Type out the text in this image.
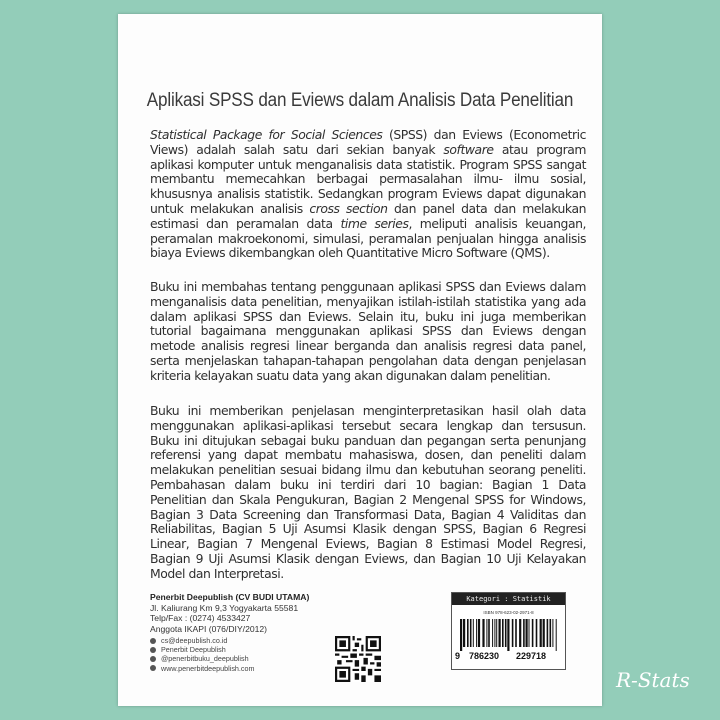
Aplikasi SPSS dan Eviews dalam Analisis Data Penelitian
Statistical Package for Social Sciences (SPSS) dan Eviews (Econometric Views) adalah salah satu dari sekian banyak software atau program aplikasi komputer untuk menganalisis data statistik. Program SPSS sangat membantu memecahkan berbagai permasalahan ilmu- ilmu sosial, khususnya analisis statistik. Sedangkan program Eviews dapat digunakan untuk melakukan analisis cross section dan panel data dan melakukan estimasi dan peramalan data time series, meliputi analisis keuangan, peramalan makroekonomi, simulasi, peramalan penjualan hingga analisis biaya Eviews dikembangkan oleh Quantitative Micro Software (QMS).
Buku ini membahas tentang penggunaan aplikasi SPSS dan Eviews dalam menganalisis data penelitian, menyajikan istilah-istilah statistika yang ada dalam aplikasi SPSS dan Eviews. Selain itu, buku ini juga memberikan tutorial bagaimana menggunakan aplikasi SPSS dan Eviews dengan metode analisis regresi linear berganda dan analisis regresi data panel, serta menjelaskan tahapan-tahapan pengolahan data dengan penjelasan kriteria kelayakan suatu data yang akan digunakan dalam penelitian.
Buku ini memberikan penjelasan menginterpretasikan hasil olah data menggunakan aplikasi-aplikasi tersebut secara lengkap dan tersusun. Buku ini ditujukan sebagai buku panduan dan pegangan serta penunjang referensi yang dapat membatu mahasiswa, dosen, dan peneliti dalam melakukan penelitian sesuai bidang ilmu dan kebutuhan seorang peneliti. Pembahasan dalam buku ini terdiri dari 10 bagian: Bagian 1 Data Penelitian dan Skala Pengukuran, Bagian 2 Mengenal SPSS for Windows, Bagian 3 Data Screening dan Transformasi Data, Bagian 4 Validitas dan Reliabilitas, Bagian 5 Uji Asumsi Klasik dengan SPSS, Bagian 6 Regresi Linear, Bagian 7 Mengenal Eviews, Bagian 8 Estimasi Model Regresi, Bagian 9 Uji Asumsi Klasik dengan Eviews, dan Bagian 10 Uji Kelayakan Model dan Interpretasi.
Penerbit Deepublish (CV BUDI UTAMA)
Jl. Kaliurang Km 9,3 Yogyakarta 55581
Telp/Fax : (0274) 4533427
Anggota IKAPI (076/DIY/2012)
cs@deepublish.co.id
Penerbit Deepublish
@penerbitbuku_deepublish
www.penerbitdeepublish.com
Kategori : Statistik
ISBN 978-623-02-2971-8
9 786230 229718
R-Stats
